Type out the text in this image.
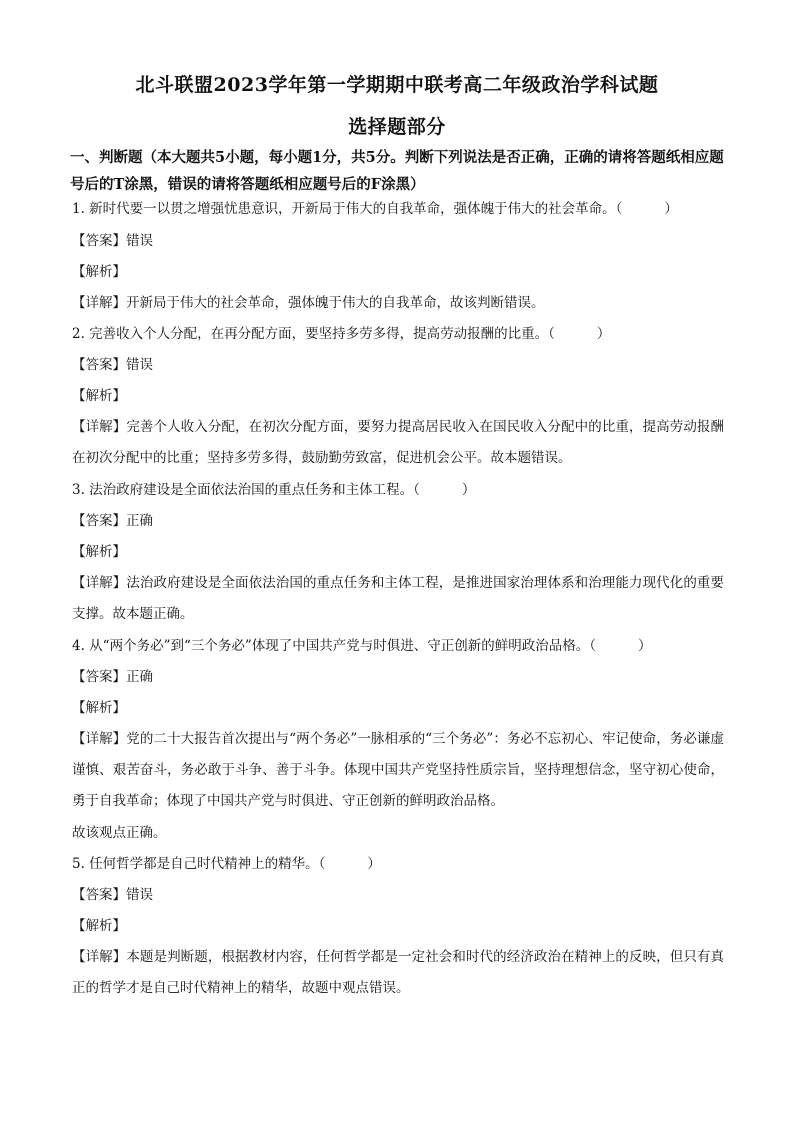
北斗联盟2023学年第一学期期中联考高二年级政治学科试题
选择题部分
一、判断题（本大题共5小题，每小题1分，共5分。判断下列说法是否正确，正确的请将答题纸相应题号后的T涂黑，错误的请将答题纸相应题号后的F涂黑）
1. 新时代要一以贯之增强忧患意识，开新局于伟大的自我革命，强体魄于伟大的社会革命。（	）
【答案】错误
【解析】
【详解】开新局于伟大的社会革命，强体魄于伟大的自我革命，故该判断错误。
2. 完善收入个人分配，在再分配方面，要坚持多劳多得，提高劳动报酬的比重。（	）
【答案】错误
【解析】
【详解】完善个人收入分配，在初次分配方面，要努力提高居民收入在国民收入分配中的比重，提高劳动报酬在初次分配中的比重；坚持多劳多得，鼓励勤劳致富，促进机会公平。故本题错误。
3. 法治政府建设是全面依法治国的重点任务和主体工程。（	）
【答案】正确
【解析】
【详解】法治政府建设是全面依法治国的重点任务和主体工程，是推进国家治理体系和治理能力现代化的重要支撑。故本题正确。
4. 从“两个务必”到“三个务必”体现了中国共产党与时俱进、守正创新的鲜明政治品格。（	）
【答案】正确
【解析】
【详解】党的二十大报告首次提出与“两个务必”一脉相承的“三个务必”：务必不忘初心、牢记使命，务必谦虚谨慎、艰苦奋斗，务必敢于斗争、善于斗争。体现中国共产党坚持性质宗旨，坚持理想信念，坚守初心使命，勇于自我革命；体现了中国共产党与时俱进、守正创新的鲜明政治品格。
故该观点正确。
5. 任何哲学都是自己时代精神上的精华。（	）
【答案】错误
【解析】
【详解】本题是判断题，根据教材内容，任何哲学都是一定社会和时代的经济政治在精神上的反映，但只有真正的哲学才是自己时代精神上的精华，故题中观点错误。
